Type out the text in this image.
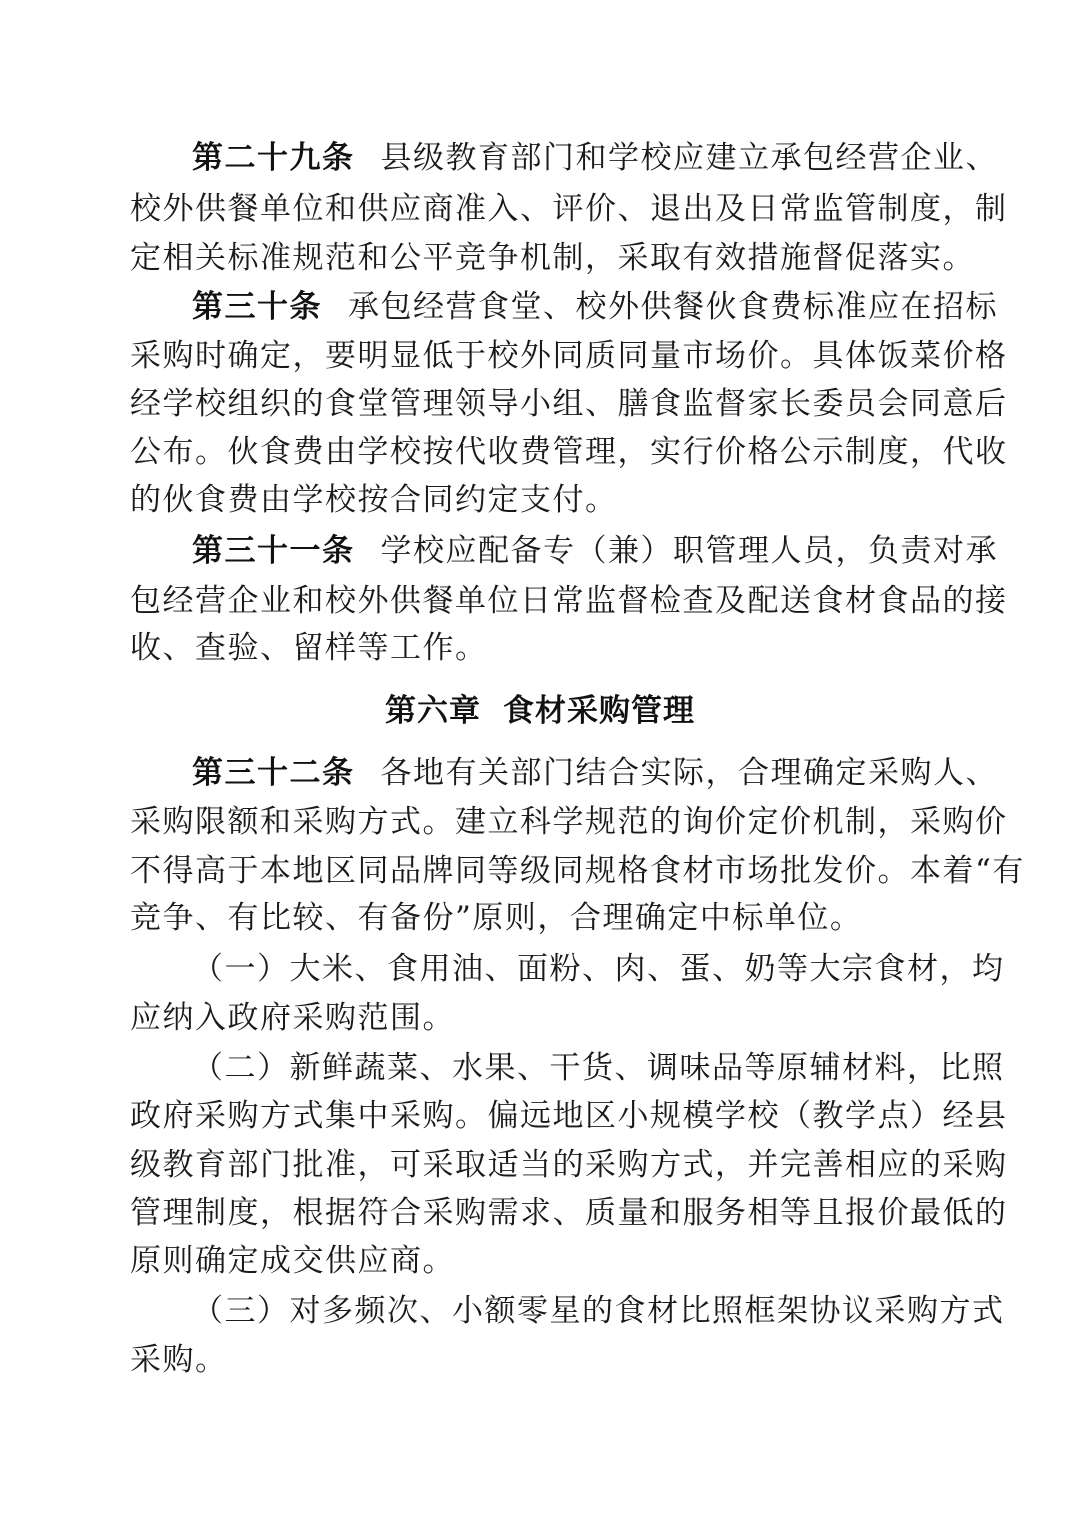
第二十九条 县级教育部门和学校应建立承包经营企业、
校外供餐单位和供应商准入、评价、退出及日常监管制度，制
定相关标准规范和公平竞争机制，采取有效措施督促落实。
第三十条 承包经营食堂、校外供餐伙食费标准应在招标
采购时确定，要明显低于校外同质同量市场价。具体饭菜价格
经学校组织的食堂管理领导小组、膳食监督家长委员会同意后
公布。伙食费由学校按代收费管理，实行价格公示制度，代收
的伙食费由学校按合同约定支付。
第三十一条 学校应配备专（兼）职管理人员，负责对承
包经营企业和校外供餐单位日常监督检查及配送食材食品的接
收、查验、留样等工作。
第六章 食材采购管理
第三十二条 各地有关部门结合实际，合理确定采购人、
采购限额和采购方式。建立科学规范的询价定价机制，采购价
不得高于本地区同品牌同等级同规格食材市场批发价。本着“有
竞争、有比较、有备份”原则，合理确定中标单位。
（一）大米、食用油、面粉、肉、蛋、奶等大宗食材，均
应纳入政府采购范围。
（二）新鲜蔬菜、水果、干货、调味品等原辅材料，比照
政府采购方式集中采购。偏远地区小规模学校（教学点）经县
级教育部门批准，可采取适当的采购方式，并完善相应的采购
管理制度，根据符合采购需求、质量和服务相等且报价最低的
原则确定成交供应商。
（三）对多频次、小额零星的食材比照框架协议采购方式
采购。
